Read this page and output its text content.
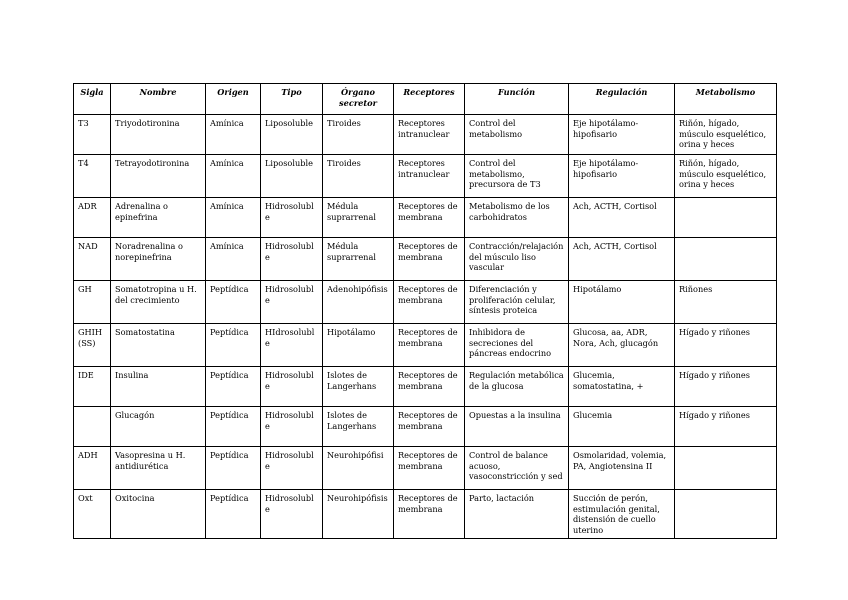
Sigla	Nombre	Origen	Tipo	Órgano secretor	Receptores	Función	Regulación	Metabolismo
T3	Triyodotironina	Amínica	Liposoluble	Tiroides	Receptores intranuclear	Control del metabolismo	Eje hipotálamo-hipofisario	Riñón, hígado, músculo esquelético, orina y heces
T4	Tetrayodotironina	Amínica	Liposoluble	Tiroides	Receptores intranuclear	Control del metabolismo, precursora de T3	Eje hipotálamo-hipofisario	Riñón, hígado, músculo esquelético, orina y heces
ADR	Adrenalina o epinefrina	Amínica	Hidrosolubl e	Médula suprarrenal	Receptores de membrana	Metabolismo de los carbohidratos	Ach, ACTH, Cortisol	
NAD	Noradrenalina o norepinefrina	Amínica	Hidrosolubl e	Médula suprarrenal	Receptores de membrana	Contracción/relajación del músculo liso vascular	Ach, ACTH, Cortisol	
GH	Somatotropina u H. del crecimiento	Peptídica	Hidrosolubl e	Adenohipófisis	Receptores de membrana	Diferenciación y proliferación celular, síntesis proteica	Hipotálamo	Riñones
GHIH (SS)	Somatostatina	Peptídica	HIdrosolubl e	Hipotálamo	Receptores de membrana	Inhibidora de secreciones del páncreas endocrino	Glucosa, aa, ADR, Nora, Ach, glucagón	Hígado y riñones
IDE	Insulina	Peptídica	Hidrosolubl e	Islotes de Langerhans	Receptores de membrana	Regulación metabólica de la glucosa	Glucemia, somatostatina, +	Hígado y riñones
	Glucagón	Peptídica	Hidrosolubl e	Islotes de Langerhans	Receptores de membrana	Opuestas a la insulina	Glucemia	Hígado y riñones
ADH	Vasopresina u H. antidiurética	Peptídica	Hidrosolubl e	Neurohipófisi	Receptores de membrana	Control de balance acuoso, vasoconstricción y sed	Osmolaridad, volemia, PA, Angiotensina II	
Oxt	Oxitocina	Peptídica	Hidrosolubl e	Neurohipófisis	Receptores de membrana	Parto, lactación	Succión de perón, estimulación genital, distensión de cuello uterino	
